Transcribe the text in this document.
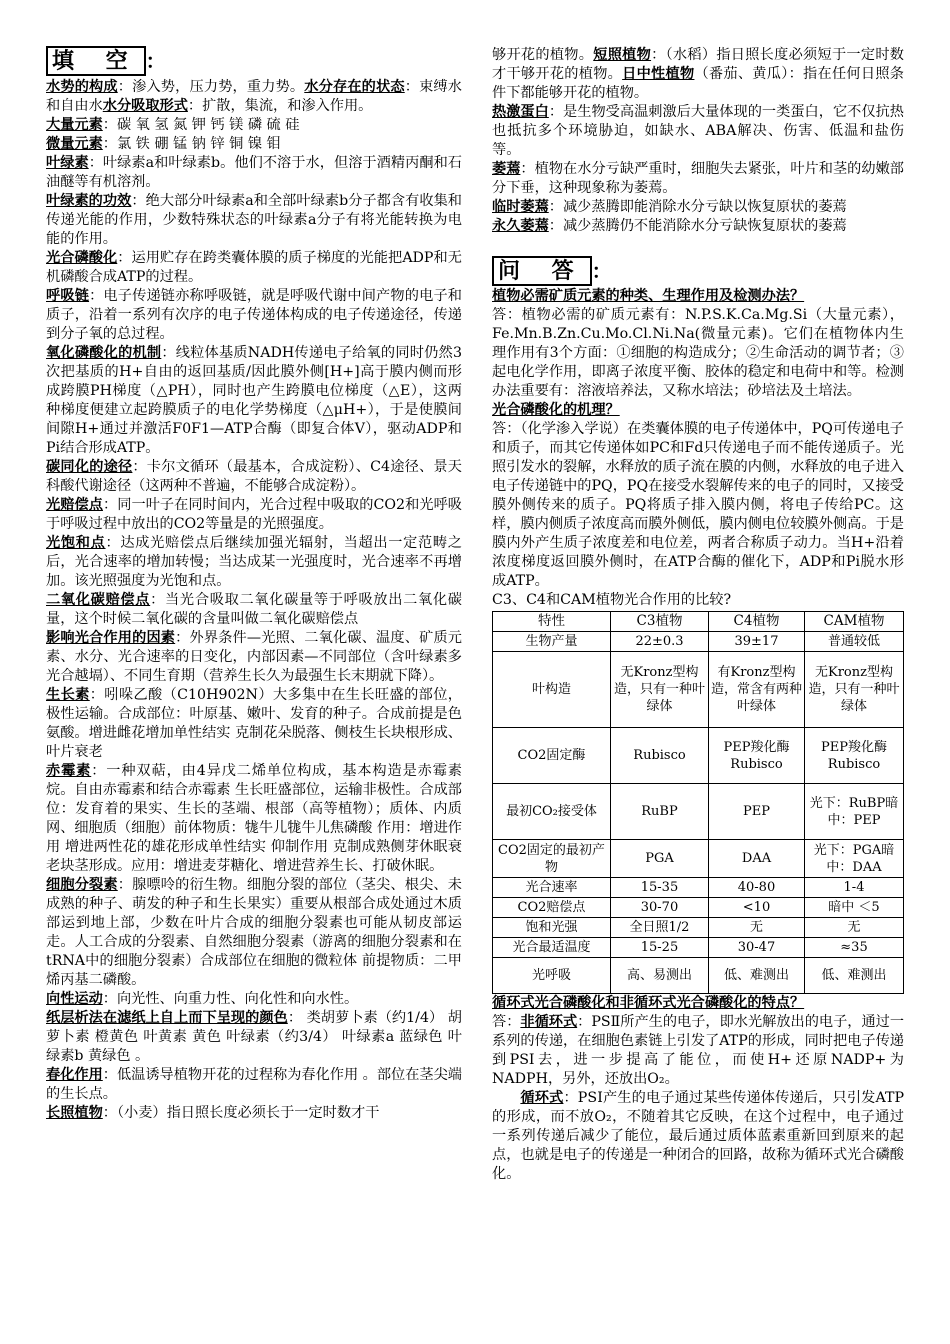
填 空 ：

水势的构成：渗入势，压力势，重力势。水分存在的状态：束缚水和自由水水分吸取形式：扩散，集流，和渗入作用。

大量元素：碳 氧 氢 氮 钾 钙 镁 磷 硫 硅

微量元素：氯 铁 硼 锰 钠 锌 铜 镍 钼

叶绿素：叶绿素a和叶绿素b。他们不溶于水，但溶于酒精丙酮和石油醚等有机溶剂。

叶绿素的功效：绝大部分叶绿素a和全部叶绿素b分子都含有收集和传递光能的作用，少数特殊状态的叶绿素a分子有将光能转换为电能的作用。

光合磷酸化：运用贮存在跨类囊体膜的质子梯度的光能把ADP和无机磷酸合成ATP的过程。

呼吸链：电子传递链亦称呼吸链，就是呼吸代谢中间产物的电子和质子，沿着一系列有次序的电子传递体构成的电子传递途径，传递到分子氧的总过程。

氧化磷酸化的机制：线粒体基质NADH传递电子给氧的同时仍然3次把基质的H+自由的返回基质/因此膜外侧[H+]高于膜内侧而形成跨膜PH梯度（△PH），同时也产生跨膜电位梯度（△E），这两种梯度便建立起跨膜质子的电化学势梯度（△μH+），于是使膜间间隙H+通过并激活F0F1—ATP合酶（即复合体Ⅴ），驱动ADP和Pi结合形成ATP。

碳同化的途径：卡尔文循环（最基本，合成淀粉）、C4途径、景天科酸代谢途径（这两种不普遍，不能够合成淀粉）。

光赔偿点：同一叶子在同时间内，光合过程中吸取的CO2和光呼吸于呼吸过程中放出的CO2等量是的光照强度。

光饱和点：达成光赔偿点后继续加强光辐射，当超出一定范畴之后，光合速率的增加转慢；当达成某一光强度时，光合速率不再增加。该光照强度为光饱和点。

二氧化碳赔偿点：当光合吸取二氧化碳量等于呼吸放出二氧化碳量，这个时候二氧化碳的含量叫做二氧化碳赔偿点

影响光合作用的因素：外界条件—光照、二氧化碳、温度、矿质元素、水分、光合速率的日变化，内部因素—不同部位（含叶绿素多光合越塥）、不同生育期（营养生长久为最强生长末期就下降）。

生长素：吲哚乙酸（C10H902N）大多集中在生长旺盛的部位，极性运输。合成部位：叶原基、嫩叶、发育的种子。合成前提是色氨酸。增进雌花增加单性结实 克制花朵脱落、侧枝生长块根形成、叶片衰老

赤霉素：一种双萜，由4异戊二烯单位构成，基本构造是赤霉素烷。自由赤霉素和结合赤霉素 生长旺盛部位，运输非极性。合成部位：发育着的果实、生长的茎端、根部（高等植物）；质体、内质网、细胞质（细胞）前体物质：牻牛儿牻牛儿焦磷酸 作用：增进作用 增进两性花的雄花形成单性结实 仰制作用 克制成熟侧芽休眠衰老块茎形成。应用：增进麦芽糖化、增进营养生长、打破休眠。

细胞分裂素：腺嘌呤的衍生物。细胞分裂的部位（茎尖、根尖、未成熟的种子、萌发的种子和生长果实）重要从根部合成处通过木质部运到地上部，少数在叶片合成的细胞分裂素也可能从韧皮部运走。人工合成的分裂素、自然细胞分裂素（游离的细胞分裂素和在tRNA中的细胞分裂素）合成部位在细胞的微粒体 前提物质：二甲烯丙基二磷酸。

向性运动：向光性、向重力性、向化性和向水性。

纸层析法在滤纸上自上而下呈现的颜色： 类胡萝卜素（约1/4） 胡萝卜素 橙黄色 叶黄素 黄色 叶绿素（约3/4） 叶绿素a 蓝绿色 叶绿素b 黄绿色 。

春化作用：低温诱导植物开花的过程称为春化作用 。部位在茎尖端的生长点。

长照植物：（小麦）指日照长度必须长于一定时数才干

够开花的植物。短照植物：（水稻）指日照长度必须短于一定时数才干够开花的植物。日中性植物（番茄、黄瓜）：指在任何日照条件下都能够开花的植物。

热激蛋白：是生物受高温刺激后大量体现的一类蛋白，它不仅抗热也抵抗多个环境胁迫，如缺水、ABA解决、伤害、低温和盐伤等。

萎蔫：植物在水分亏缺严重时，细胞失去紧张，叶片和茎的幼嫩部分下垂，这种现象称为萎蔫。

临时萎蔫：减少蒸腾即能消除水分亏缺以恢复原状的萎蔫

永久萎蔫：减少蒸腾仍不能消除水分亏缺恢复原状的萎蔫

问 答 ：

植物必需矿质元素的种类、生理作用及检测办法？

答：植物必需的矿质元素有：N.P.S.K.Ca.Mg.Si（大量元素），Fe.Mn.B.Zn.Cu.Mo.Cl.Ni.Na(微量元素)。它们在植物体内生理作用有3个方面：①细胞的构造成分；②生命活动的调节者；③起电化学作用，即离子浓度平衡、胶体的稳定和电荷中和等。检测办法重要有：溶液培养法，又称水培法；砂培法及土培法。

光合磷酸化的机理？

答：（化学渗入学说）在类囊体膜的电子传递体中，PQ可传递电子和质子，而其它传递体如PC和Fd只传递电子而不能传递质子。光照引发水的裂解，水释放的质子流在膜的内侧，水释放的电子进入电子传递链中的PQ，PQ在接受水裂解传来的电子的同时，又接受膜外侧传来的质子。PQ将质子排入膜内侧，将电子传给PC。这样，膜内侧质子浓度高而膜外侧低，膜内侧电位较膜外侧高。于是膜内外产生质子浓度差和电位差，两者合称质子动力。当H+沿着浓度梯度返回膜外侧时，在ATP合酶的催化下，ADP和Pi脱水形成ATP。

C3、C4和CAM植物光合作用的比较?

特性	C3植物	C4植物	CAM植物
生物产量	22±0.3	39±17	普通较低
叶构造	无Kronz型构造，只有一种叶绿体	有Kronz型构造，常含有两种叶绿体	无Kronz型构造，只有一种叶绿体
CO2固定酶	Rubisco	PEP羧化酶Rubisco	PEP羧化酶Rubisco
最初CO₂接受体	RuBP	PEP	光下：RuBP暗中：PEP
CO2固定的最初产物	PGA	DAA	光下：PGA暗中：DAA
光合速率	15-35	40-80	1-4
CO2赔偿点	30-70	<10	暗中 ＜5
饱和光强	全日照1/2	无	无
光合最适温度	15-25	30-47	≈35
光呼吸	高、易测出	低、难测出	低、难测出

循环式光合磷酸化和非循环式光合磷酸化的特点？

答：非循环式：PSⅡ所产生的电子，即水光解放出的电子，通过一系列的传递，在细胞色素链上引发了ATP的形成，同时把电子传递到PSI去，进一步提高了能位，而使H+还原NADP+为NADPH，另外，还放出O₂。

循环式：PSⅠ产生的电子通过某些传递体传递后，只引发ATP的形成，而不放O₂，不随着其它反映，在这个过程中，电子通过一系列传递后减少了能位，最后通过质体蓝素重新回到原来的起点，也就是电子的传递是一种闭合的回路，故称为循环式光合磷酸化。
